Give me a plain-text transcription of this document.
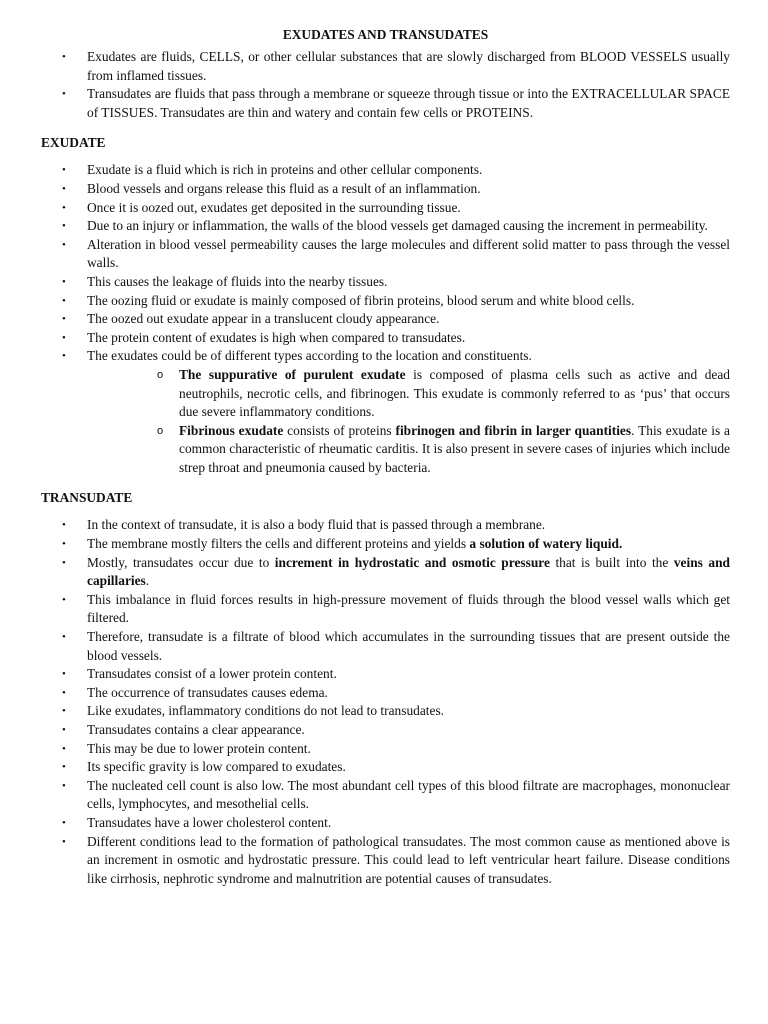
EXUDATES AND TRANSUDATES
•	Exudates are fluids, CELLS, or other cellular substances that are slowly discharged from BLOOD VESSELS usually from inflamed tissues.
•	Transudates are fluids that pass through a membrane or squeeze through tissue or into the EXTRACELLULAR SPACE of TISSUES. Transudates are thin and watery and contain few cells or PROTEINS.
EXUDATE
•	Exudate is a fluid which is rich in proteins and other cellular components.
•	Blood vessels and organs release this fluid as a result of an inflammation.
•	Once it is oozed out, exudates get deposited in the surrounding tissue.
•	Due to an injury or inflammation, the walls of the blood vessels get damaged causing the increment in permeability.
•	Alteration in blood vessel permeability causes the large molecules and different solid matter to pass through the vessel walls.
•	This causes the leakage of fluids into the nearby tissues.
•	The oozing fluid or exudate is mainly composed of fibrin proteins, blood serum and white blood cells.
•	The oozed out exudate appear in a translucent cloudy appearance.
•	The protein content of exudates is high when compared to transudates.
•	The exudates could be of different types according to the location and constituents.
o The suppurative of purulent exudate is composed of plasma cells such as active and dead neutrophils, necrotic cells, and fibrinogen. This exudate is commonly referred to as ‘pus’ that occurs due severe inflammatory conditions.
o Fibrinous exudate consists of proteins fibrinogen and fibrin in larger quantities. This exudate is a common characteristic of rheumatic carditis. It is also present in severe cases of injuries which include strep throat and pneumonia caused by bacteria.
TRANSUDATE
•	In the context of transudate, it is also a body fluid that is passed through a membrane.
•	The membrane mostly filters the cells and different proteins and yields a solution of watery liquid.
•	Mostly, transudates occur due to increment in hydrostatic and osmotic pressure that is built into the veins and capillaries.
•	This imbalance in fluid forces results in high-pressure movement of fluids through the blood vessel walls which get filtered.
•	Therefore, transudate is a filtrate of blood which accumulates in the surrounding tissues that are present outside the blood vessels.
•	Transudates consist of a lower protein content.
•	The occurrence of transudates causes edema.
•	Like exudates, inflammatory conditions do not lead to transudates.
•	Transudates contains a clear appearance.
•	This may be due to lower protein content.
•	Its specific gravity is low compared to exudates.
•	The nucleated cell count is also low. The most abundant cell types of this blood filtrate are macrophages, mononuclear cells, lymphocytes, and mesothelial cells.
•	Transudates have a lower cholesterol content.
•	Different conditions lead to the formation of pathological transudates. The most common cause as mentioned above is an increment in osmotic and hydrostatic pressure. This could lead to left ventricular heart failure. Disease conditions like cirrhosis, nephrotic syndrome and malnutrition are potential causes of transudates.
